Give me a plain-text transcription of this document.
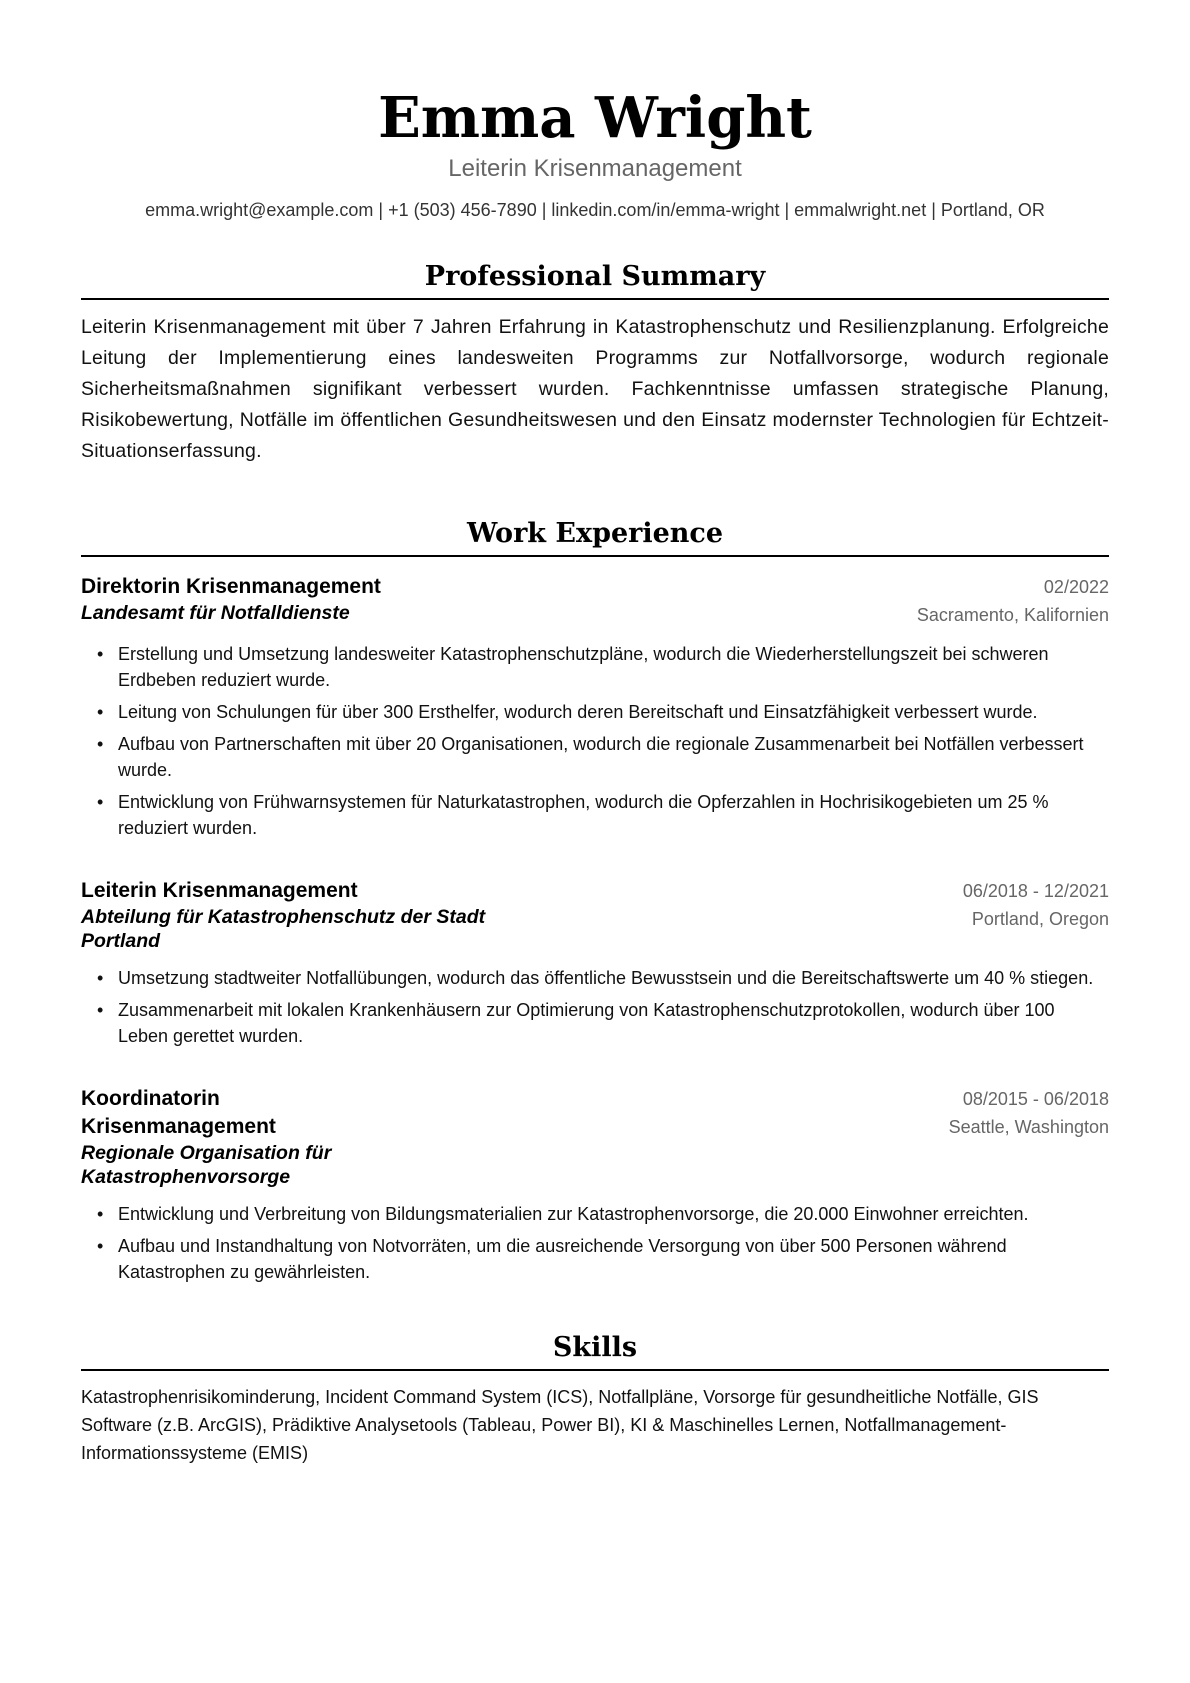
Emma Wright
Leiterin Krisenmanagement
emma.wright@example.com | +1 (503) 456-7890 | linkedin.com/in/emma-wright | emmalwright.net | Portland, OR
Professional Summary
Leiterin Krisenmanagement mit über 7 Jahren Erfahrung in Katastrophenschutz und Resilienzplanung. Erfolgreiche Leitung der Implementierung eines landesweiten Programms zur Notfallvorsorge, wodurch regionale Sicherheitsmaßnahmen signifikant verbessert wurden. Fachkenntnisse umfassen strategische Planung, Risikobewertung, Notfälle im öffentlichen Gesundheitswesen und den Einsatz modernster Technologien für Echtzeit-Situationserfassung.
Work Experience
Direktorin Krisenmanagement
Landesamt für Notfalldienste
02/2022
Sacramento, Kalifornien
• Erstellung und Umsetzung landesweiter Katastrophenschutzpläne, wodurch die Wiederherstellungszeit bei schweren Erdbeben reduziert wurde.
• Leitung von Schulungen für über 300 Ersthelfer, wodurch deren Bereitschaft und Einsatzfähigkeit verbessert wurde.
• Aufbau von Partnerschaften mit über 20 Organisationen, wodurch die regionale Zusammenarbeit bei Notfällen verbessert wurde.
• Entwicklung von Frühwarnsystemen für Naturkatastrophen, wodurch die Opferzahlen in Hochrisikogebieten um 25 % reduziert wurden.
Leiterin Krisenmanagement
Abteilung für Katastrophenschutz der Stadt Portland
06/2018 - 12/2021
Portland, Oregon
• Umsetzung stadtweiter Notfallübungen, wodurch das öffentliche Bewusstsein und die Bereitschaftswerte um 40 % stiegen.
• Zusammenarbeit mit lokalen Krankenhäusern zur Optimierung von Katastrophenschutzprotokollen, wodurch über 100 Leben gerettet wurden.
Koordinatorin Krisenmanagement
Regionale Organisation für Katastrophenvorsorge
08/2015 - 06/2018
Seattle, Washington
• Entwicklung und Verbreitung von Bildungsmaterialien zur Katastrophenvorsorge, die 20.000 Einwohner erreichten.
• Aufbau und Instandhaltung von Notvorräten, um die ausreichende Versorgung von über 500 Personen während Katastrophen zu gewährleisten.
Skills
Katastrophenrisikominderung, Incident Command System (ICS), Notfallpläne, Vorsorge für gesundheitliche Notfälle, GIS Software (z.B. ArcGIS), Prädiktive Analysetools (Tableau, Power BI), KI & Maschinelles Lernen, Notfallmanagement-Informationssysteme (EMIS)
